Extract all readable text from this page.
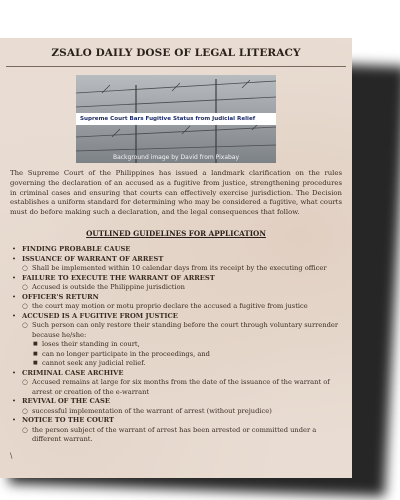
ZSALO DAILY DOSE OF LEGAL LITERACY
Supreme Court Bars Fugitive Status from Judicial Relief
Background image by David from Pixabay
The Supreme Court of the Philippines has issued a landmark clarification on the rules governing the declaration of an accused as a fugitive from justice, strengthening procedures in criminal cases and ensuring that courts can effectively exercise jurisdiction. The Decision establishes a uniform standard for determining who may be considered a fugitive, what courts must do before making such a declaration, and the legal consequences that follow.
OUTLINED GUIDELINES FOR APPLICATION
• FINDING PROBABLE CAUSE
• ISSUANCE OF WARRANT OF ARREST
○ Shall be implemented within 10 calendar days from its receipt by the executing officer
• FAILURE TO EXECUTE THE WARRANT OF ARREST
○ Accused is outside the Philippine jurisdiction
• OFFICER'S RETURN
○ the court may motion or motu proprio declare the accused a fugitive from justice
• ACCUSED IS A FUGITIVE FROM JUSTICE
○ Such person can only restore their standing before the court through voluntary surrender because he/she:
■ loses their standing in court,
■ can no longer participate in the proceedings, and
■ cannot seek any judicial relief.
• CRIMINAL CASE ARCHIVE
○ Accused remains at large for six months from the date of the issuance of the warrant of arrest or creation of the e-warrant
• REVIVAL OF THE CASE
○ successful implementation of the warrant of arrest (without prejudice)
• NOTICE TO THE COURT
○ the person subject of the warrant of arrest has been arrested or committed under a different warrant.
\
